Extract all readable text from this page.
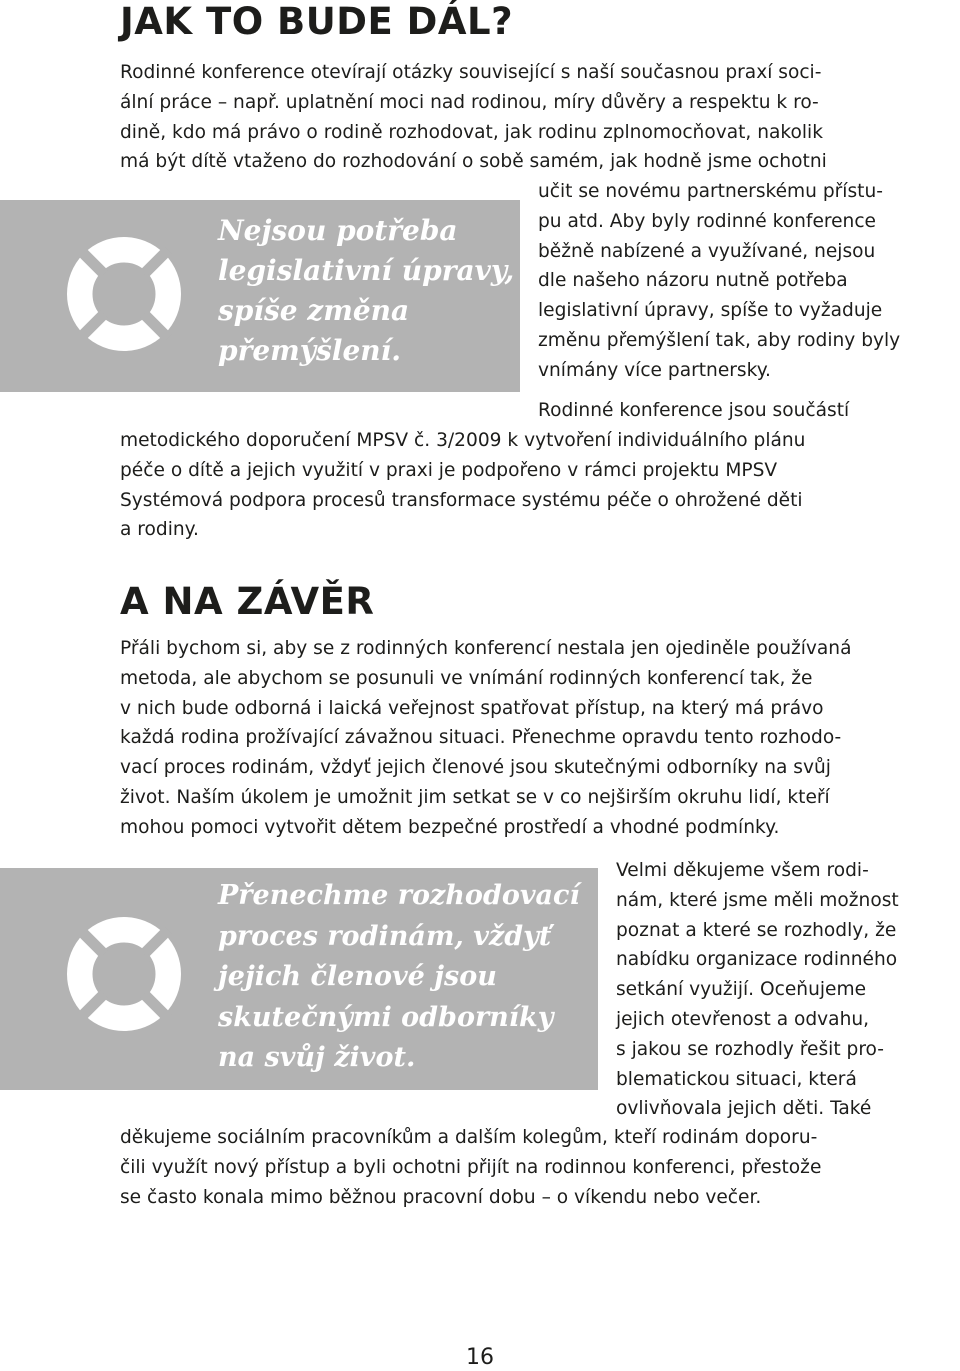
JAK TO BUDE DÁL?
Rodinné konference otevírají otázky související s naší současnou praxí soci-
ální práce – např. uplatnění moci nad rodinou, míry důvěry a respektu k ro-
dině, kdo má právo o rodině rozhodovat, jak rodinu zplnomocňovat, nakolik
má být dítě vtaženo do rozhodování o sobě samém, jak hodně jsme ochotni
učit se novému partnerskému přístu-
pu atd. Aby byly rodinné konference
běžně nabízené a využívané, nejsou
dle našeho názoru nutně potřeba
legislativní úpravy, spíše to vyžaduje
změnu přemýšlení tak, aby rodiny byly
vnímány více partnersky.
Nejsou potřeba
legislativní úpravy,
spíše změna
přemýšlení.
Rodinné konference jsou součástí
metodického doporučení MPSV č. 3/2009 k vytvoření individuálního plánu
péče o dítě a jejich využití v praxi je podpořeno v rámci projektu MPSV
Systémová podpora procesů transformace systému péče o ohrožené děti
a rodiny.
A NA ZÁVĚR
Přáli bychom si, aby se z rodinných konferencí nestala jen ojediněle používaná
metoda, ale abychom se posunuli ve vnímání rodinných konferencí tak, že
v nich bude odborná i laická veřejnost spatřovat přístup, na který má právo
každá rodina prožívající závažnou situaci. Přenechme opravdu tento rozhodo-
vací proces rodinám, vždyť jejich členové jsou skutečnými odborníky na svůj
život. Naším úkolem je umožnit jim setkat se v co nejširším okruhu lidí, kteří
mohou pomoci vytvořit dětem bezpečné prostředí a vhodné podmínky.
Přenechme rozhodovací
proces rodinám, vždyť
jejich členové jsou
skutečnými odborníky
na svůj život.
Velmi děkujeme všem rodi-
nám, které jsme měli možnost
poznat a které se rozhodly, že
nabídku organizace rodinného
setkání využijí. Oceňujeme
jejich otevřenost a odvahu,
s jakou se rozhodly řešit pro-
blematickou situaci, která
ovlivňovala jejich děti. Také
děkujeme sociálním pracovníkům a dalším kolegům, kteří rodinám doporu-
čili využít nový přístup a byli ochotni přijít na rodinnou konferenci, přestože
se často konala mimo běžnou pracovní dobu – o víkendu nebo večer.
16
